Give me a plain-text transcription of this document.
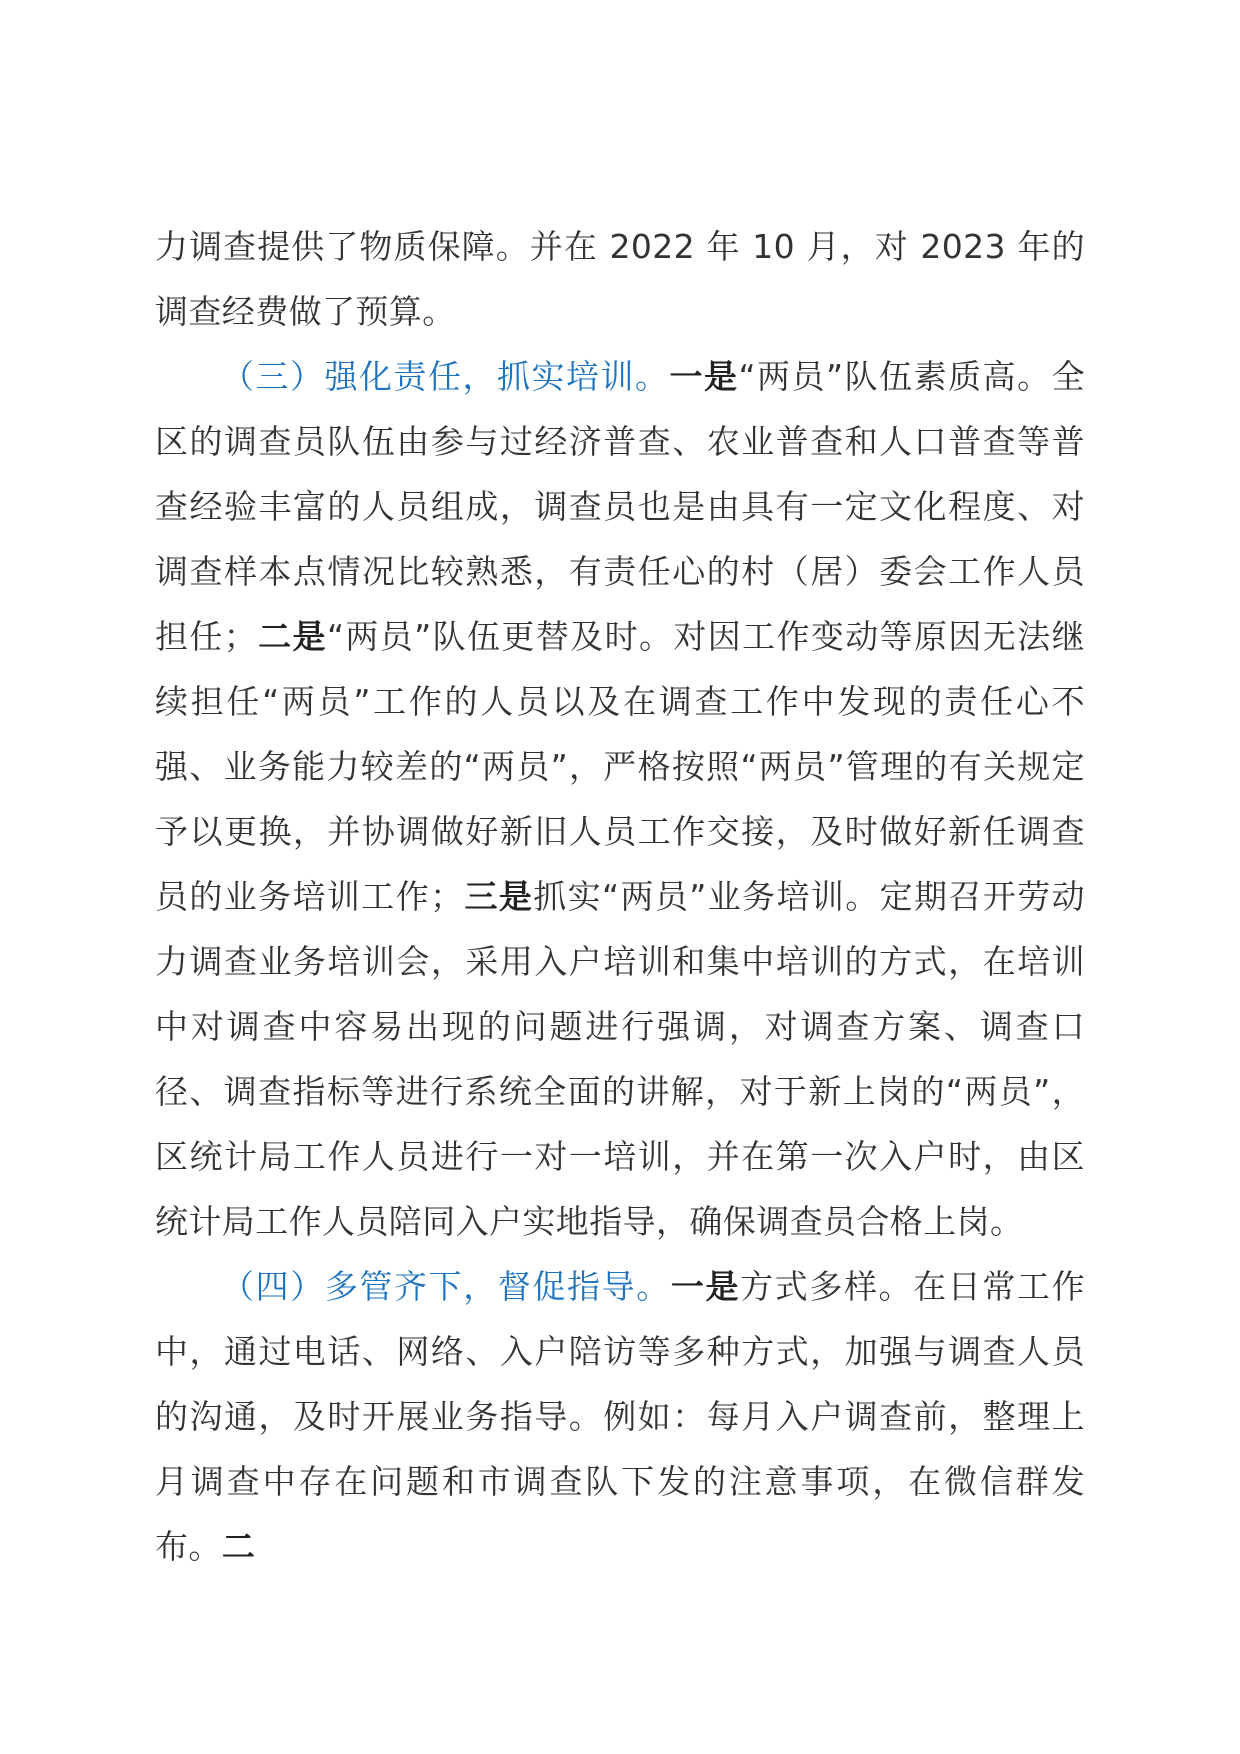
力调查提供了物质保障。并在 2022 年 10 月，对 2023 年的调查经费做了预算。

（三）强化责任，抓实培训。一是“两员”队伍素质高。全区的调查员队伍由参与过经济普查、农业普查和人口普查等普查经验丰富的人员组成，调查员也是由具有一定文化程度、对调查样本点情况比较熟悉，有责任心的村（居）委会工作人员担任；二是“两员”队伍更替及时。对因工作变动等原因无法继续担任“两员”工作的人员以及在调查工作中发现的责任心不强、业务能力较差的“两员”，严格按照“两员”管理的有关规定予以更换，并协调做好新旧人员工作交接，及时做好新任调查员的业务培训工作；三是抓实“两员”业务培训。定期召开劳动力调查业务培训会，采用入户培训和集中培训的方式，在培训中对调查中容易出现的问题进行强调，对调查方案、调查口径、调查指标等进行系统全面的讲解，对于新上岗的“两员”，区统计局工作人员进行一对一培训，并在第一次入户时，由区统计局工作人员陪同入户实地指导，确保调查员合格上岗。

（四）多管齐下，督促指导。一是方式多样。在日常工作中，通过电话、网络、入户陪访等多种方式，加强与调查人员的沟通，及时开展业务指导。例如：每月入户调查前，整理上月调查中存在问题和市调查队下发的注意事项，在微信群发布。二
